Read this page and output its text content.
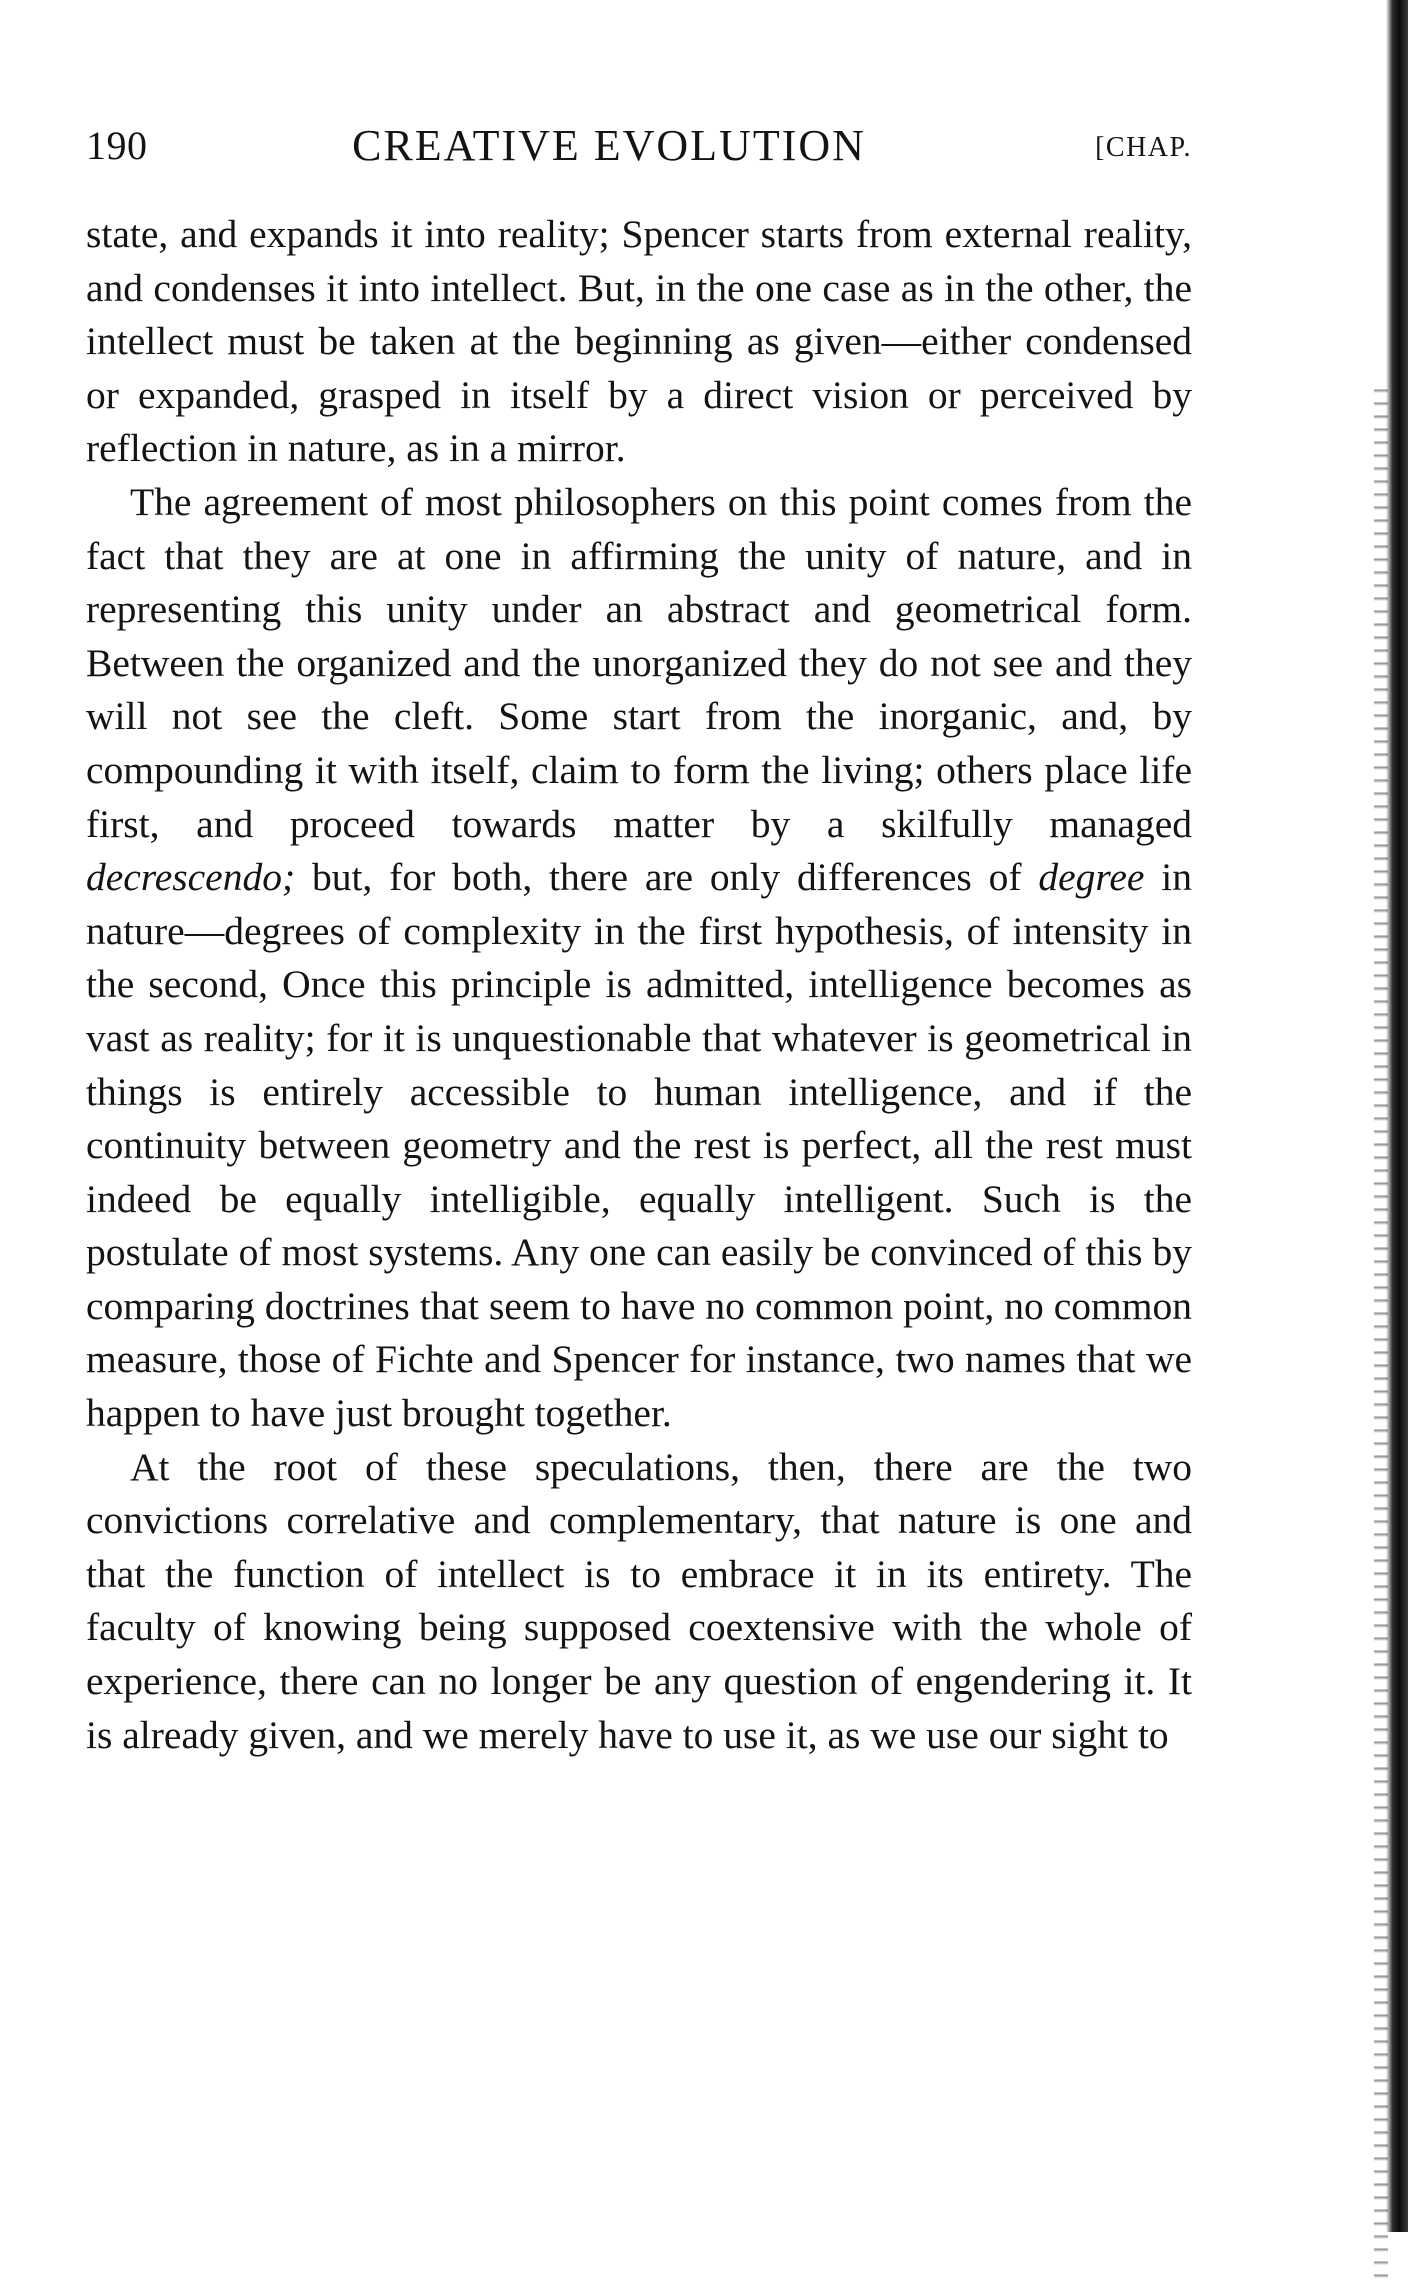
190	CREATIVE EVOLUTION	[CHAP.

state, and expands it into reality; Spencer starts from external reality, and condenses it into intellect. But, in the one case as in the other, the intellect must be taken at the beginning as given—either condensed or expanded, grasped in itself by a direct vision or perceived by reflection in nature, as in a mirror.

The agreement of most philosophers on this point comes from the fact that they are at one in affirming the unity of nature, and in representing this unity under an abstract and geometrical form. Between the organized and the unorganized they do not see and they will not see the cleft. Some start from the inorganic, and, by compounding it with itself, claim to form the living; others place life first, and proceed towards matter by a skilfully managed decrescendo; but, for both, there are only differences of degree in nature—degrees of complexity in the first hypothesis, of intensity in the second, Once this principle is admitted, intelligence becomes as vast as reality; for it is unquestionable that whatever is geometrical in things is entirely accessible to human intelligence, and if the continuity between geometry and the rest is perfect, all the rest must indeed be equally intelligible, equally intelligent. Such is the postulate of most systems. Any one can easily be convinced of this by comparing doctrines that seem to have no common point, no common measure, those of Fichte and Spencer for instance, two names that we happen to have just brought together.

At the root of these speculations, then, there are the two convictions correlative and complementary, that nature is one and that the function of intellect is to embrace it in its entirety. The faculty of knowing being supposed coextensive with the whole of experience, there can no longer be any question of engendering it. It is already given, and we merely have to use it, as we use our sight to
